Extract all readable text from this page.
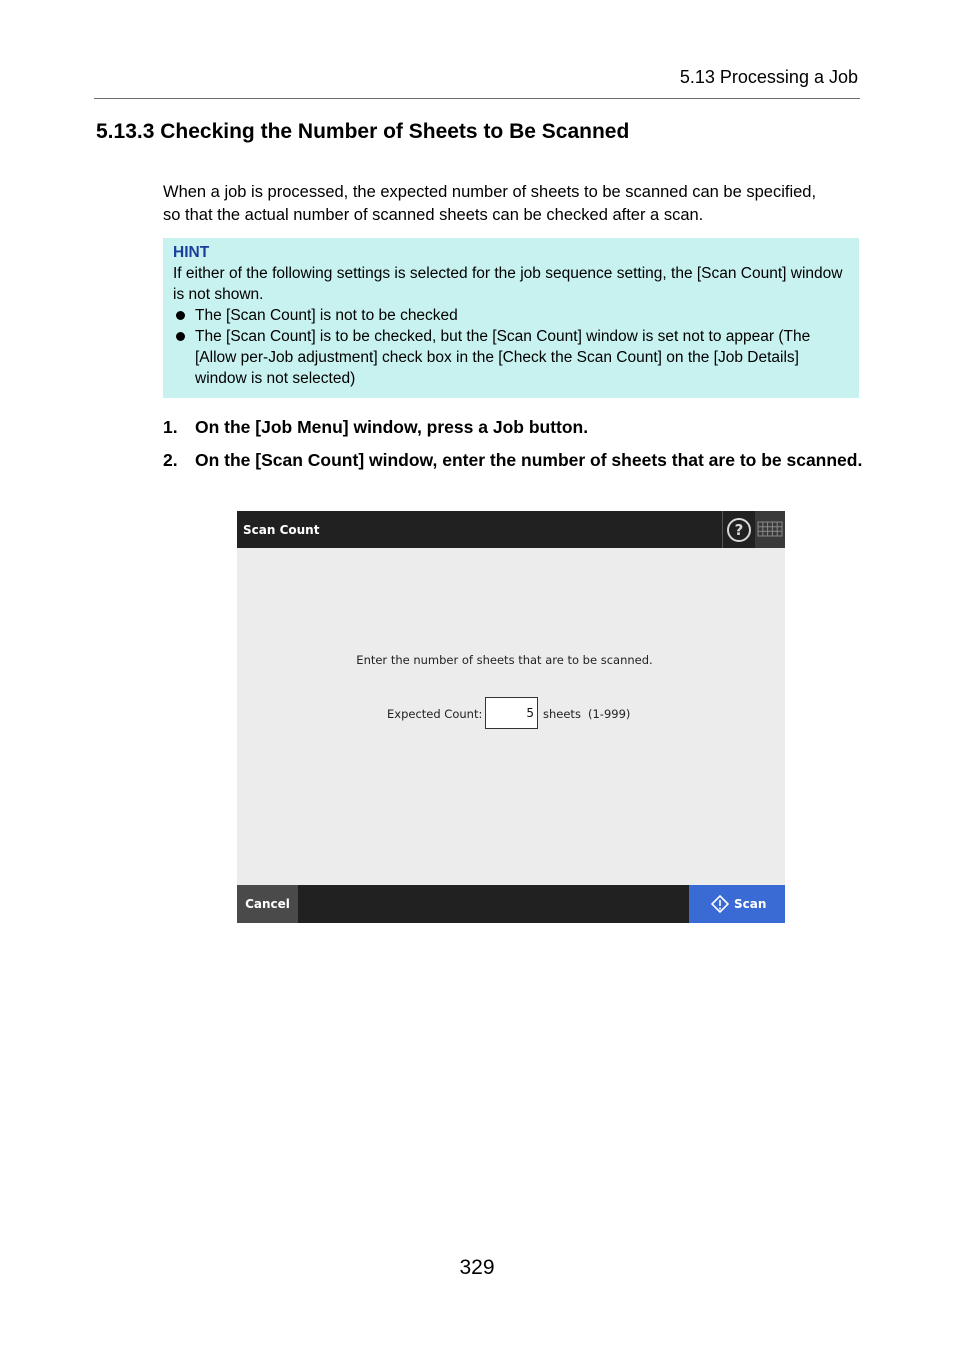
5.13 Processing a Job
5.13.3 Checking the Number of Sheets to Be Scanned
When a job is processed, the expected number of sheets to be scanned can be specified,
so that the actual number of scanned sheets can be checked after a scan.
HINT
If either of the following settings is selected for the job sequence setting, the [Scan Count] window is not shown.
The [Scan Count] is not to be checked
The [Scan Count] is to be checked, but the [Scan Count] window is set not to appear (The [Allow per-Job adjustment] check box in the [Check the Scan Count] on the [Job Details] window is not selected)
1. On the [Job Menu] window, press a Job button.
2. On the [Scan Count] window, enter the number of sheets that are to be scanned.
Scan Count	?
Enter the number of sheets that are to be scanned.
Expected Count:	5 sheets (1-999)
Cancel	Scan
329
